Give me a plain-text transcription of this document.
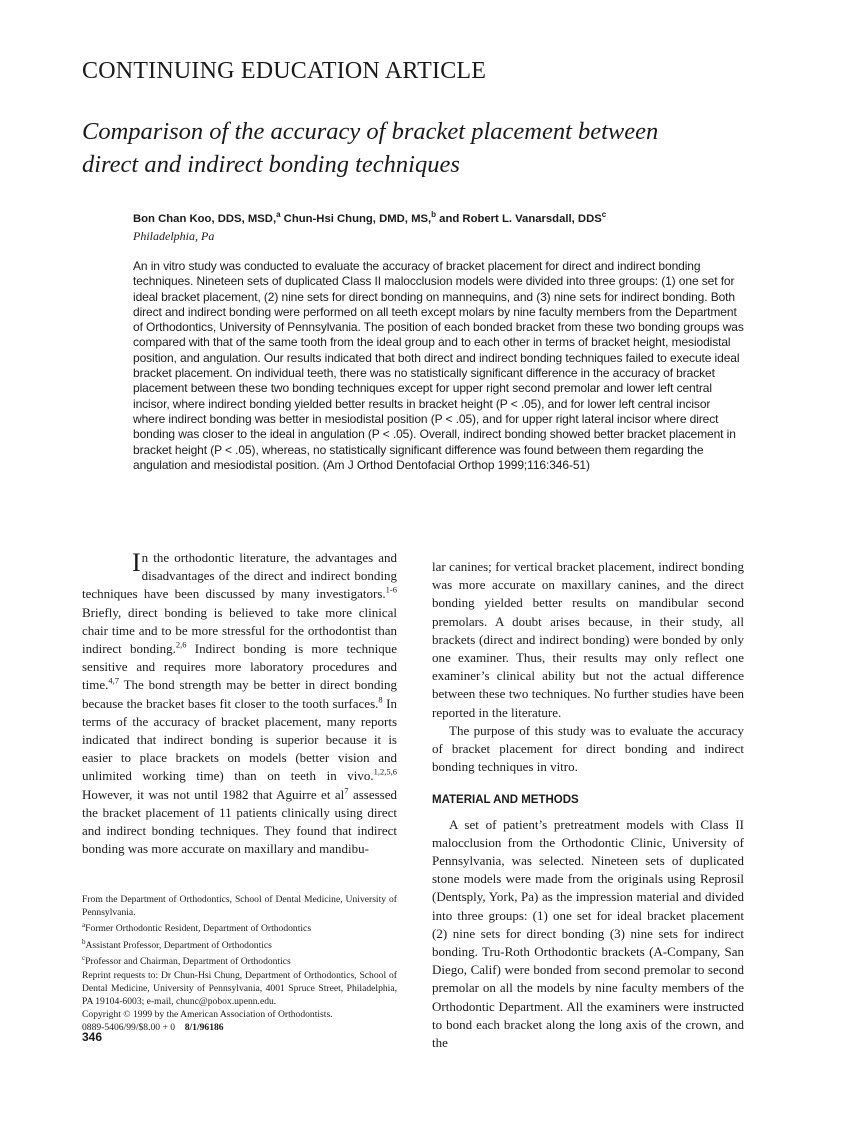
CONTINUING EDUCATION ARTICLE
Comparison of the accuracy of bracket placement between
direct and indirect bonding techniques
Bon Chan Koo, DDS, MSD,$^a$ Chun-Hsi Chung, DMD, MS,$^b$ and Robert L. Vanarsdall, DDS$^c$
Philadelphia, Pa
An in vitro study was conducted to evaluate the accuracy of bracket placement for direct and indirect bonding techniques. Nineteen sets of duplicated Class II malocclusion models were divided into three groups: (1) one set for ideal bracket placement, (2) nine sets for direct bonding on mannequins, and (3) nine sets for indirect bonding. Both direct and indirect bonding were performed on all teeth except molars by nine faculty members from the Department of Orthodontics, University of Pennsylvania. The position of each bonded bracket from these two bonding groups was compared with that of the same tooth from the ideal group and to each other in terms of bracket height, mesiodistal position, and angulation. Our results indicated that both direct and indirect bonding techniques failed to execute ideal bracket placement. On individual teeth, there was no statistically significant difference in the accuracy of bracket placement between these two bonding techniques except for upper right second premolar and lower left central incisor, where indirect bonding yielded better results in bracket height (P < .05), and for lower left central incisor where indirect bonding was better in mesiodistal position (P < .05), and for upper right lateral incisor where direct bonding was closer to the ideal in angulation (P < .05). Overall, indirect bonding showed better bracket placement in bracket height (P < .05), whereas, no statistically significant difference was found between them regarding the angulation and mesiodistal position. (Am J Orthod Dentofacial Orthop 1999;116:346-51)

In the orthodontic literature, the advantages and disadvantages of the direct and indirect bonding techniques have been discussed by many investigators.$^{1-6}$ Briefly, direct bonding is believed to take more clinical chair time and to be more stressful for the orthodontist than indirect bonding.$^{2,6}$ Indirect bonding is more technique sensitive and requires more laboratory procedures and time.$^{4,7}$ The bond strength may be better in direct bonding because the bracket bases fit closer to the tooth surfaces.$^8$ In terms of the accuracy of bracket placement, many reports indicated that indirect bonding is superior because it is easier to place brackets on models (better vision and unlimited working time) than on teeth in vivo.$^{1,2,5,6}$ However, it was not until 1982 that Aguirre et $al^7$ assessed the bracket placement of 11 patients clinically using direct and indirect bonding techniques. They found that indirect bonding was more accurate on maxillary and mandibu-

lar canines; for vertical bracket placement, indirect bonding was more accurate on maxillary canines, and the direct bonding yielded better results on mandibular second premolars. A doubt arises because, in their study, all brackets (direct and indirect bonding) were bonded by only one examiner. Thus, their results may only reflect one examiner’s clinical ability but not the actual difference between these two techniques. No further studies have been reported in the literature.

The purpose of this study was to evaluate the accuracy of bracket placement for direct bonding and indirect bonding techniques in vitro.

MATERIAL AND METHODS

A set of patient’s pretreatment models with Class II malocclusion from the Orthodontic Clinic, University of Pennsylvania, was selected. Nineteen sets of duplicated stone models were made from the originals using Reprosil (Dentsply, York, Pa) as the impression material and divided into three groups: (1) one set for ideal bracket placement (2) nine sets for direct bonding (3) nine sets for indirect bonding. Tru-Roth Orthodontic brackets (A-Company, San Diego, Calif) were bonded from second premolar to second premolar on all the models by nine faculty members of the Orthodontic Department. All the examiners were instructed to bond each bracket along the long axis of the crown, and the

From the Department of Orthodontics, School of Dental Medicine, University of Pennsylvania.
$^a$Former Orthodontic Resident, Department of Orthodontics
$^b$Assistant Professor, Department of Orthodontics
$^c$Professor and Chairman, Department of Orthodontics
Reprint requests to: Dr Chun-Hsi Chung, Department of Orthodontics, School of Dental Medicine, University of Pennsylvania, 4001 Spruce Street, Philadelphia, PA 19104-6003; e-mail, chunc@pobox.upenn.edu.
Copyright © 1999 by the American Association of Orthodontists.
0889-5406/99/$8.00 + 0 8/1/96186
346
